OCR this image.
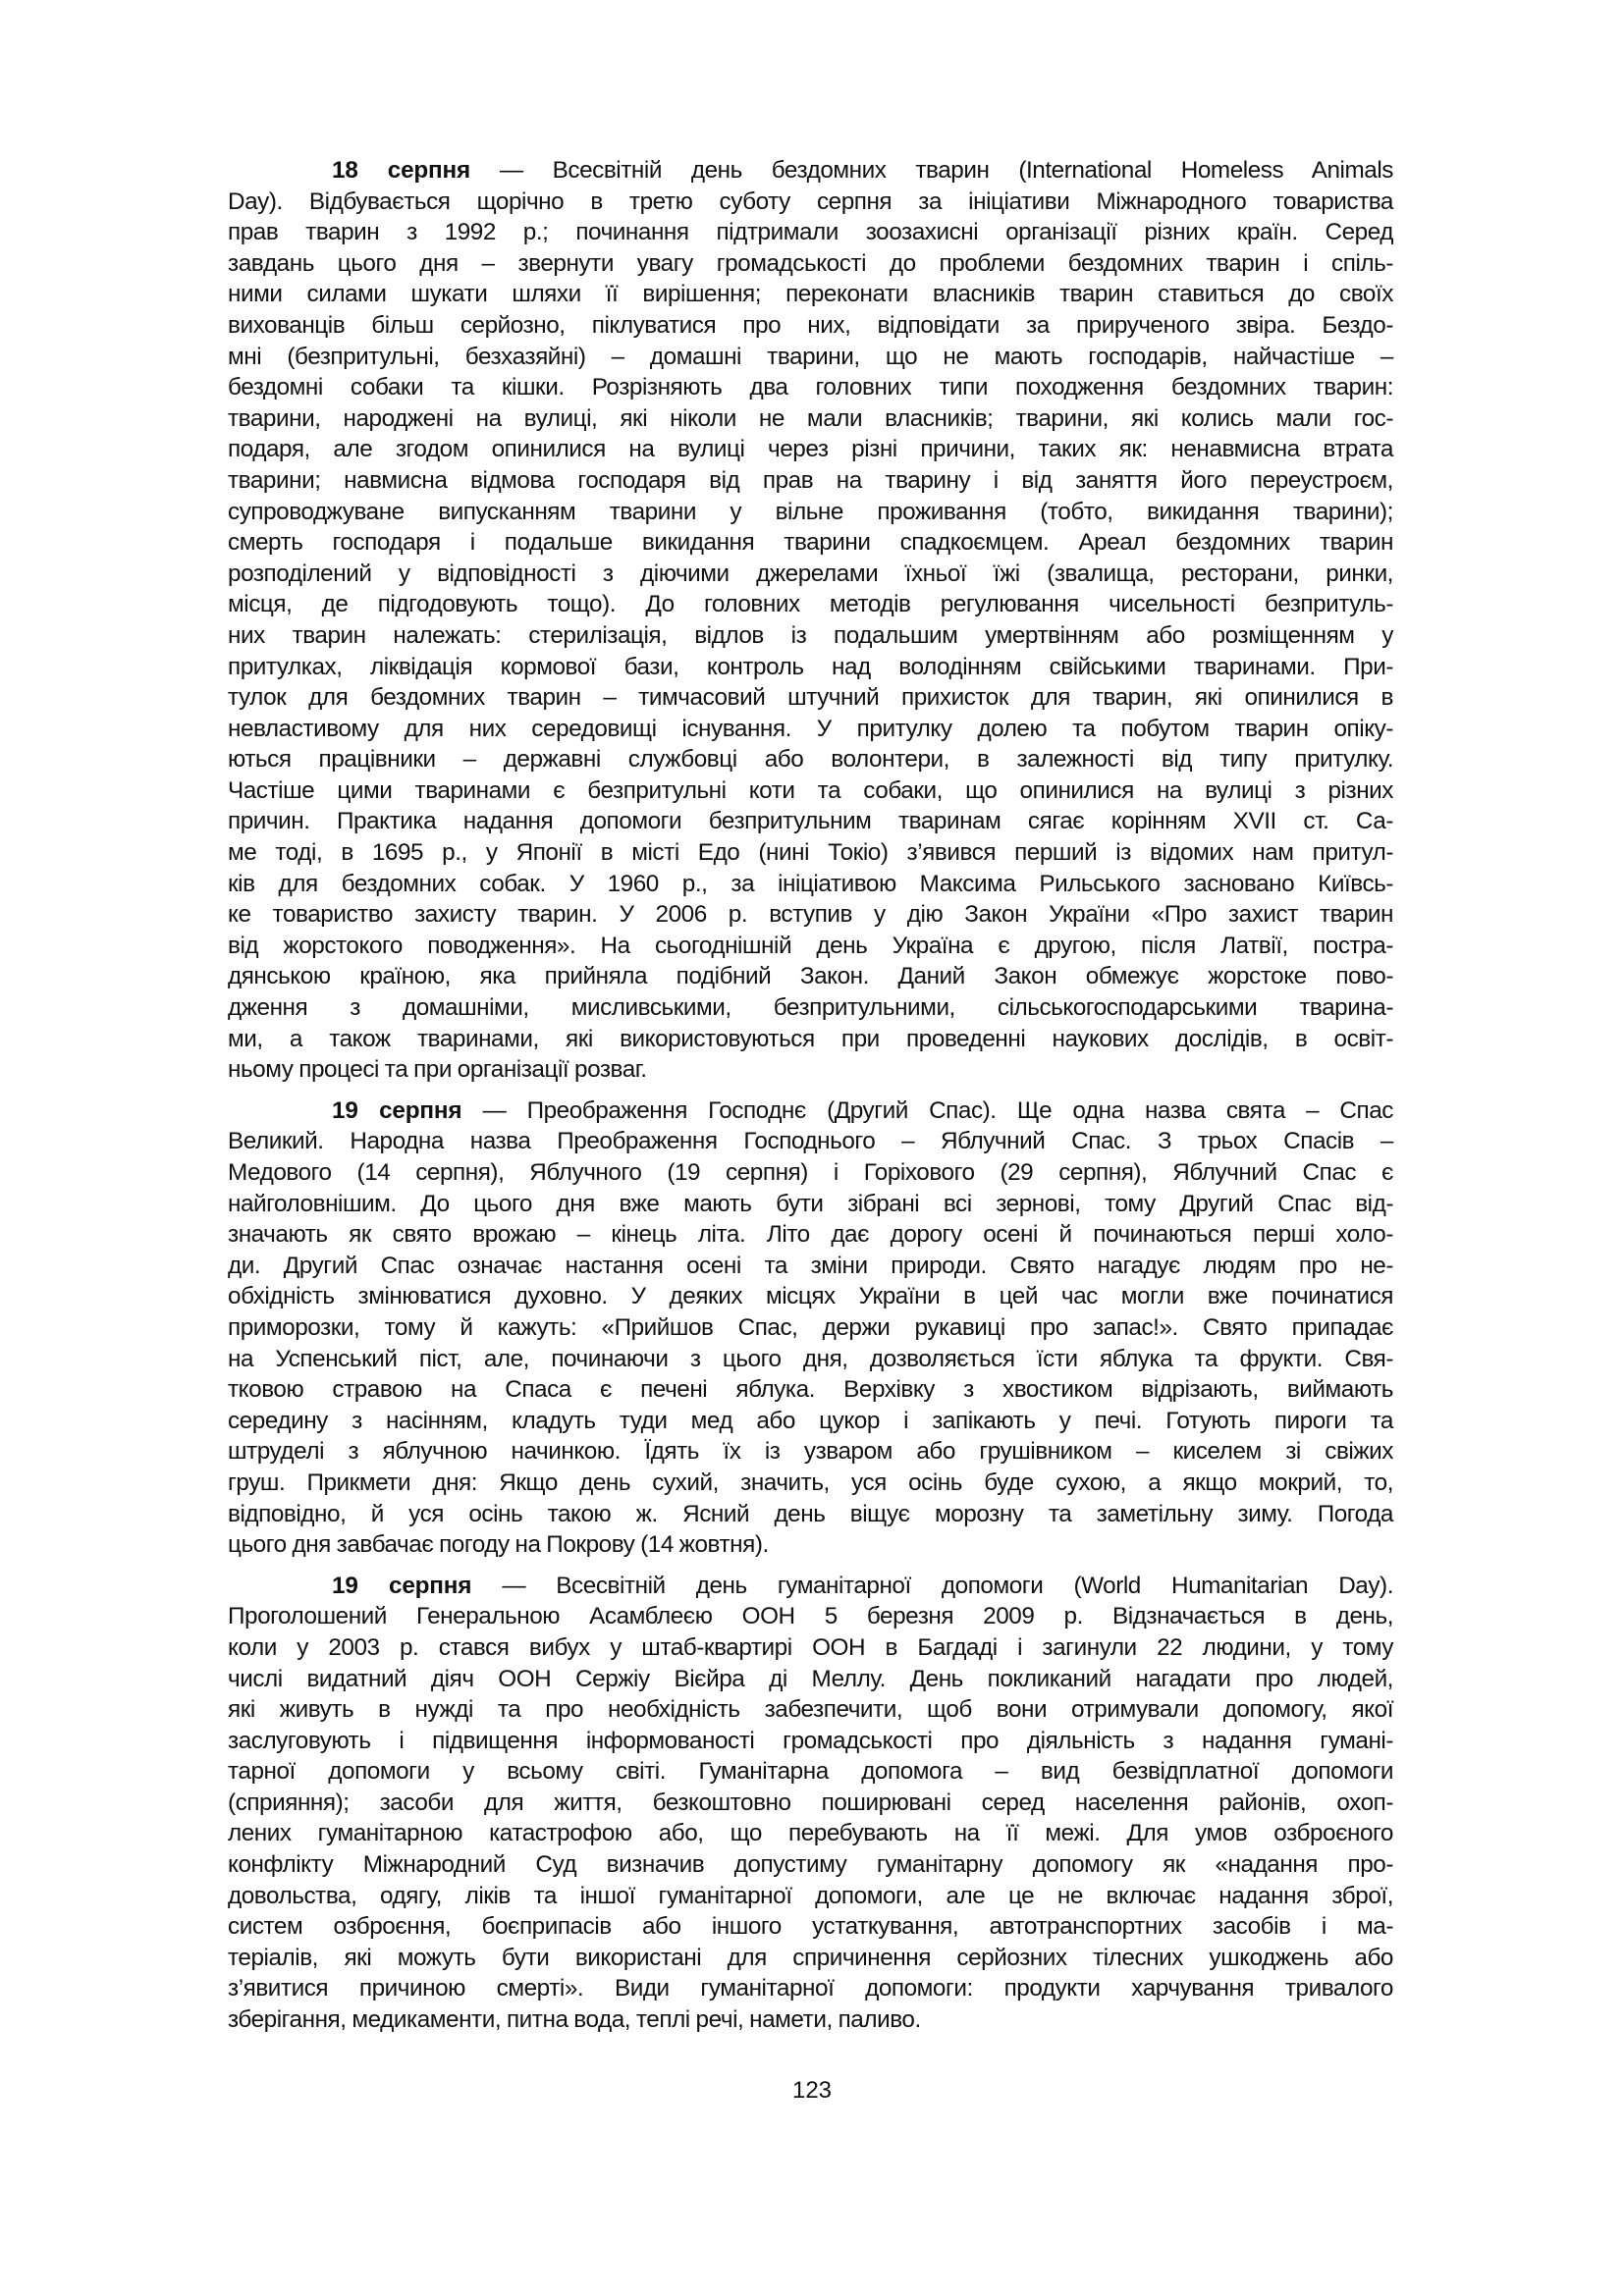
18 серпня — Всесвітній день бездомних тварин (International Homeless Animals
Day). Відбувається щорічно в третю суботу серпня за ініціативи Міжнародного товариства
прав тварин з 1992 р.; починання підтримали зоозахисні організації різних країн. Серед
завдань цього дня – звернути увагу громадськості до проблеми бездомних тварин і спіль-
ними силами шукати шляхи її вирішення; переконати власників тварин ставиться до своїх
вихованців більш серйозно, піклуватися про них, відповідати за прирученого звіра. Бездо-
мні (безпритульні, безхазяйні) – домашні тварини, що не мають господарів, найчастіше –
бездомні собаки та кішки. Розрізняють два головних типи походження бездомних тварин:
тварини, народжені на вулиці, які ніколи не мали власників; тварини, які колись мали гос-
подаря, але згодом опинилися на вулиці через різні причини, таких як: ненавмисна втрата
тварини; навмисна відмова господаря від прав на тварину і від заняття його переустроєм,
супроводжуване випусканням тварини у вільне проживання (тобто, викидання тварини);
смерть господаря і подальше викидання тварини спадкоємцем. Ареал бездомних тварин
розподілений у відповідності з діючими джерелами їхньої їжі (звалища, ресторани, ринки,
місця, де підгодовують тощо). До головних методів регулювання чисельності безпритуль-
них тварин належать: стерилізація, відлов із подальшим умертвінням або розміщенням у
притулках, ліквідація кормової бази, контроль над володінням свійськими тваринами. При-
тулок для бездомних тварин – тимчасовий штучний прихисток для тварин, які опинилися в
невластивому для них середовищі існування. У притулку долею та побутом тварин опіку-
ються працівники – державні службовці або волонтери, в залежності від типу притулку.
Частіше цими тваринами є безпритульні коти та собаки, що опинилися на вулиці з різних
причин. Практика надання допомоги безпритульним тваринам сягає корінням XVII ст. Са-
ме тоді, в 1695 р., у Японії в місті Едо (нині Токіо) з’явився перший із відомих нам притул-
ків для бездомних собак. У 1960 р., за ініціативою Максима Рильського засновано Київсь-
ке товариство захисту тварин. У 2006 р. вступив у дію Закон України «Про захист тварин
від жорстокого поводження». На сьогоднішній день Україна є другою, після Латвії, постра-
дянською країною, яка прийняла подібний Закон. Даний Закон обмежує жорстоке пово-
дження з домашніми, мисливськими, безпритульними, сільськогосподарськими тварина-
ми, а також тваринами, які використовуються при проведенні наукових дослідів, в освіт-
ньому процесі та при організації розваг.
19 серпня — Преображення Господнє (Другий Спас). Ще одна назва свята – Спас
Великий. Народна назва Преображення Господнього – Яблучний Спас. З трьох Спасів –
Медового (14 серпня), Яблучного (19 серпня) і Горіхового (29 серпня), Яблучний Спас є
найголовнішим. До цього дня вже мають бути зібрані всі зернові, тому Другий Спас від-
значають як свято врожаю – кінець літа. Літо дає дорогу осені й починаються перші холо-
ди. Другий Спас означає настання осені та зміни природи. Свято нагадує людям про не-
обхідність змінюватися духовно. У деяких місцях України в цей час могли вже починатися
приморозки, тому й кажуть: «Прийшов Спас, держи рукавиці про запас!». Свято припадає
на Успенський піст, але, починаючи з цього дня, дозволяється їсти яблука та фрукти. Свя-
тковою стравою на Спаса є печені яблука. Верхівку з хвостиком відрізають, виймають
середину з насінням, кладуть туди мед або цукор і запікають у печі. Готують пироги та
штруделі з яблучною начинкою. Їдять їх із узваром або грушівником – киселем зі свіжих
груш. Прикмети дня: Якщо день сухий, значить, уся осінь буде сухою, а якщо мокрий, то,
відповідно, й уся осінь такою ж. Ясний день віщує морозну та заметільну зиму. Погода
цього дня завбачає погоду на Покрову (14 жовтня).
19 серпня — Всесвітній день гуманітарної допомоги (World Humanitarian Day).
Проголошений Генеральною Асамблеєю ООН 5 березня 2009 р. Відзначається в день,
коли у 2003 р. стався вибух у штаб-квартирі ООН в Багдаді і загинули 22 людини, у тому
числі видатний діяч ООН Сержіу Вієйра ді Меллу. День покликаний нагадати про людей,
які живуть в нужді та про необхідність забезпечити, щоб вони отримували допомогу, якої
заслуговують і підвищення інформованості громадськості про діяльність з надання гумані-
тарної допомоги у всьому світі. Гуманітарна допомога – вид безвідплатної допомоги
(сприяння); засоби для життя, безкоштовно поширювані серед населення районів, охоп-
лених гуманітарною катастрофою або, що перебувають на її межі. Для умов озброєного
конфлікту Міжнародний Суд визначив допустиму гуманітарну допомогу як «надання про-
довольства, одягу, ліків та іншої гуманітарної допомоги, але це не включає надання зброї,
систем озброєння, боєприпасів або іншого устаткування, автотранспортних засобів і ма-
теріалів, які можуть бути використані для спричинення серйозних тілесних ушкоджень або
з’явитися причиною смерті». Види гуманітарної допомоги: продукти харчування тривалого
зберігання, медикаменти, питна вода, теплі речі, намети, паливо.
123
